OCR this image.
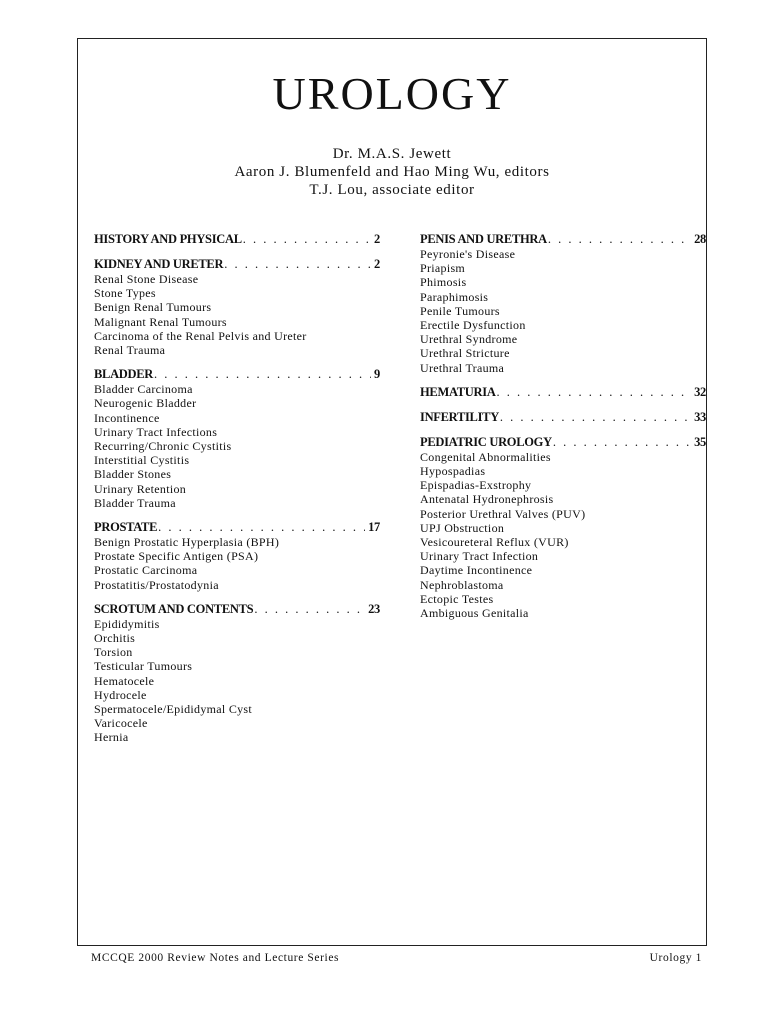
UROLOGY
Dr. M.A.S. Jewett
Aaron J. Blumenfeld and Hao Ming Wu, editors
T.J. Lou, associate editor
HISTORY AND PHYSICAL . . .	2
KIDNEY AND URETER . . .	2
Renal Stone Disease
Stone Types
Benign Renal Tumours
Malignant Renal Tumours
Carcinoma of the Renal Pelvis and Ureter
Renal Trauma
BLADDER . . .	9
Bladder Carcinoma
Neurogenic Bladder
Incontinence
Urinary Tract Infections
Recurring/Chronic Cystitis
Interstitial Cystitis
Bladder Stones
Urinary Retention
Bladder Trauma
PROSTATE . . .	17
Benign Prostatic Hyperplasia (BPH)
Prostate Specific Antigen (PSA)
Prostatic Carcinoma
Prostatitis/Prostatodynia
SCROTUM AND CONTENTS . . .	23
Epididymitis
Orchitis
Torsion
Testicular Tumours
Hematocele
Hydrocele
Spermatocele/Epididymal Cyst
Varicocele
Hernia
PENIS AND URETHRA . . .	28
Peyronie's Disease
Priapism
Phimosis
Paraphimosis
Penile Tumours
Erectile Dysfunction
Urethral Syndrome
Urethral Stricture
Urethral Trauma
HEMATURIA . . .	32
INFERTILITY . . .	33
PEDIATRIC UROLOGY . . .	35
Congenital Abnormalities
Hypospadias
Epispadias-Exstrophy
Antenatal Hydronephrosis
Posterior Urethral Valves (PUV)
UPJ Obstruction
Vesicoureteral Reflux (VUR)
Urinary Tract Infection
Daytime Incontinence
Nephroblastoma
Ectopic Testes
Ambiguous Genitalia
MCCQE 2000 Review Notes and Lecture Series	Urology 1
